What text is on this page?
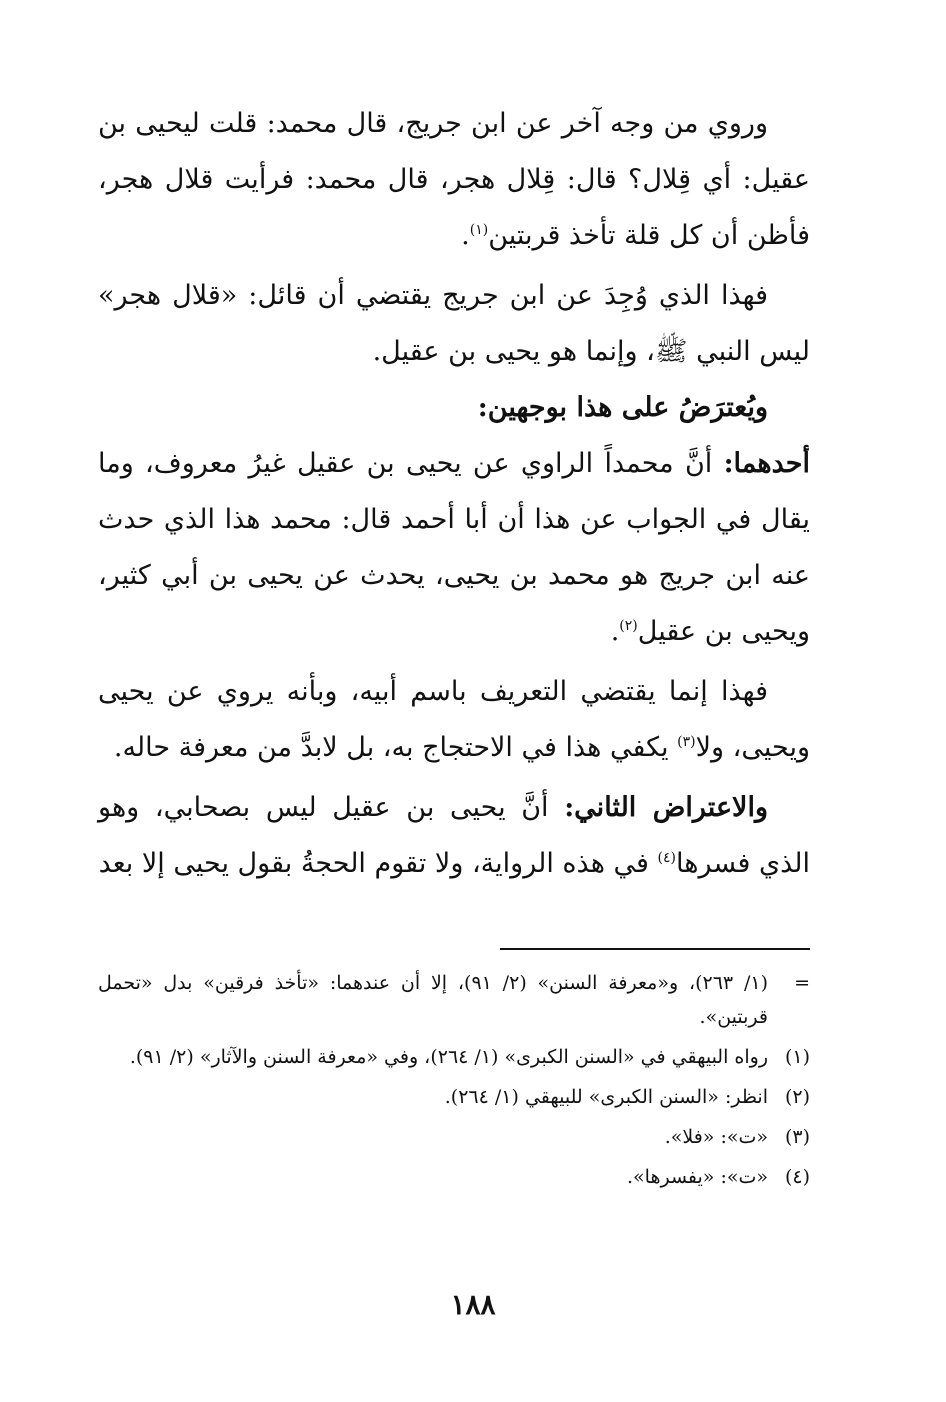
وروي من وجه آخر عن ابن جريج، قال محمد: قلت ليحيى بن عقيل: أي قِلال؟ قال: قِلال هجر، قال محمد: فرأيت قلال هجر، فأظن أن كل قلة تأخذ قربتين$^{(١)}$.

فهذا الذي وُجِدَ عن ابن جريج يقتضي أن قائل: «قلال هجر» ليس النبي ﷺ، وإنما هو يحيى بن عقيل.

ويُعترَضُ على هذا بوجهين:

أحدهما: أنَّ محمداً الراوي عن يحيى بن عقيل غيرُ معروف، وما يقال في الجواب عن هذا أن أبا أحمد قال: محمد هذا الذي حدث عنه ابن جريج هو محمد بن يحيى، يحدث عن يحيى بن أبي كثير، ويحيى بن عقيل$^{(٢)}$.

فهذا إنما يقتضي التعريف باسم أبيه، وبأنه يروي عن يحيى ويحيى، ولا$^{(٣)}$ يكفي هذا في الاحتجاج به، بل لابدَّ من معرفة حاله.

والاعتراض الثاني: أنَّ يحيى بن عقيل ليس بصحابي، وهو الذي فسرها$^{(٤)}$ في هذه الرواية، ولا تقوم الحجةُ بقول يحيى إلا بعد

=
(١/ ٢٦٣)، و«معرفة السنن» (٢/ ٩١)، إلا أن عندهما: «تأخذ فرقين» بدل «تحمل قربتين».
(١)
رواه البيهقي في «السنن الكبرى» (١/ ٢٦٤)، وفي «معرفة السنن والآثار» (٢/ ٩١).
(٢)
انظر: «السنن الكبرى» للبيهقي (١/ ٢٦٤).
(٣)
«ت»: «فلا».
(٤)
«ت»: «يفسرها».
١٨٨
